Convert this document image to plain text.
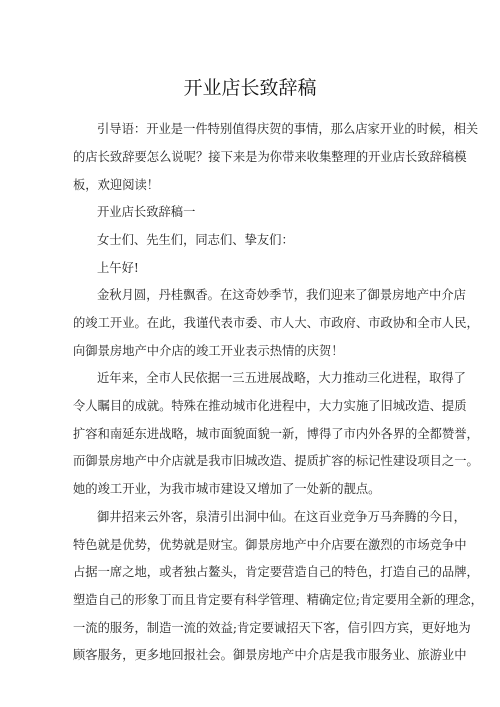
开业店长致辞稿
引导语：开业是一件特别值得庆贺的事情，那么店家开业的时候，相关
的店长致辞要怎么说呢？接下来是为你带来收集整理的开业店长致辞稿模
板，欢迎阅读！
开业店长致辞稿一
女士们、先生们，同志们、挚友们：
上午好!
金秋月圆，丹桂飘香。在这奇妙季节，我们迎来了御景房地产中介店
的竣工开业。在此，我谨代表市委、市人大、市政府、市政协和全市人民，
向御景房地产中介店的竣工开业表示热情的庆贺！
近年来，全市人民依据一三五进展战略，大力推动三化进程，取得了
令人瞩目的成就。特殊在推动城市化进程中，大力实施了旧城改造、提质
扩容和南延东进战略，城市面貌面貌一新，博得了市内外各界的全都赞誉，
而御景房地产中介店就是我市旧城改造、提质扩容的标记性建设项目之一。
她的竣工开业，为我市城市建设又增加了一处新的靓点。
御井招来云外客，泉清引出洞中仙。在这百业竞争万马奔腾的今日，
特色就是优势，优势就是财宝。御景房地产中介店要在激烈的市场竞争中
占据一席之地，或者独占鳌头，肯定要营造自己的特色，打造自己的品牌，
塑造自己的形象丁而且肯定要有科学管理、精确定位;肯定要用全新的理念，
一流的服务，制造一流的效益;肯定要诚招天下客，信引四方宾，更好地为
顾客服务，更多地回报社会。御景房地产中介店是我市服务业、旅游业中
